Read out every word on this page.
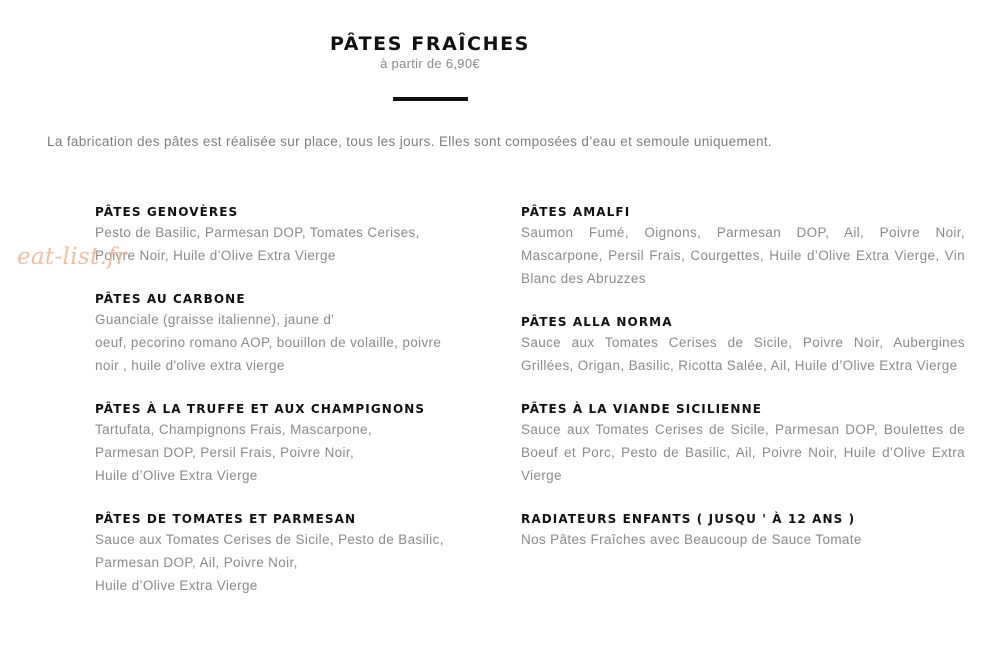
PÂTES FRAÎCHES
à partir de 6,90€
La fabrication des pâtes est réalisée sur place, tous les jours. Elles sont composées d’eau et semoule uniquement.
PÂTES GENOVÈRES
Pesto de Basilic, Parmesan DOP, Tomates Cerises,
Poivre Noir, Huile d’Olive Extra Vierge
PÂTES AU CARBONE
Guanciale (graisse italienne), jaune d'
oeuf, pecorino romano AOP, bouillon de volaille, poivre
noir , huile d'olive extra vierge
PÂTES À LA TRUFFE ET AUX CHAMPIGNONS
Tartufata, Champignons Frais, Mascarpone,
Parmesan DOP, Persil Frais, Poivre Noir,
Huile d’Olive Extra Vierge
PÂTES DE TOMATES ET PARMESAN
Sauce aux Tomates Cerises de Sicile, Pesto de Basilic,
Parmesan DOP, Ail, Poivre Noir,
Huile d’Olive Extra Vierge
PÂTES AMALFI
Saumon Fumé, Oignons, Parmesan DOP, Ail, Poivre Noir, Mascarpone, Persil Frais, Courgettes, Huile d’Olive Extra Vierge, Vin Blanc des Abruzzes
PÂTES ALLA NORMA
Sauce aux Tomates Cerises de Sicile, Poivre Noir, Aubergines Grillées, Origan, Basilic, Ricotta Salée, Ail, Huile d’Olive Extra Vierge
PÂTES À LA VIANDE SICILIENNE
Sauce aux Tomates Cerises de Sicile, Parmesan DOP, Boulettes de Boeuf et Porc, Pesto de Basilic, Ail, Poivre Noir, Huile d’Olive Extra Vierge
RADIATEURS ENFANTS ( JUSQU ' À 12 ANS )
Nos Pâtes Fraîches avec Beaucoup de Sauce Tomate
eat-list.fr
